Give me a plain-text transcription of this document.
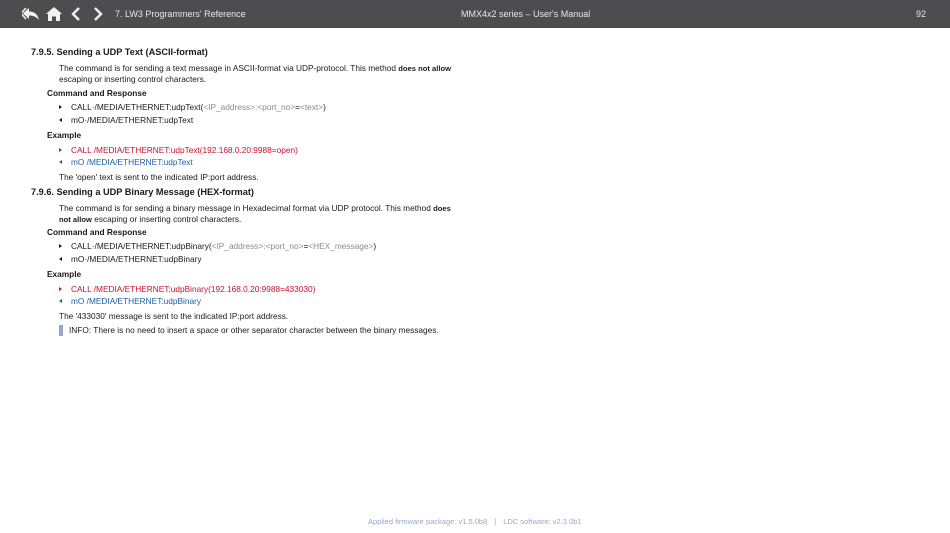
7. LW3 Programmers' Reference	MMX4x2 series – User's Manual	92
7.9.5. Sending a UDP Text (ASCII-format)
The command is for sending a text message in ASCII-format via UDP-protocol. This method does not allow escaping or inserting control characters.
Command and Response
CALL·/MEDIA/ETHERNET:udpText( <IP_address>:<port_no> = <text> )
mO·/MEDIA/ETHERNET:udpText
Example
CALL /MEDIA/ETHERNET:udpText(192.168.0.20:9988=open)
mO /MEDIA/ETHERNET:udpText
The 'open' text is sent to the indicated IP:port address.
7.9.6. Sending a UDP Binary Message (HEX-format)
The command is for sending a binary message in Hexadecimal format via UDP protocol. This method does not allow escaping or inserting control characters.
Command and Response
CALL·/MEDIA/ETHERNET:udpBinary( <IP_address>:<port_no> = <HEX_message> )
mO·/MEDIA/ETHERNET:udpBinary
Example
CALL /MEDIA/ETHERNET:udpBinary(192.168.0.20:9988=433030)
mO /MEDIA/ETHERNET:udpBinary
The '433030' message is sent to the indicated IP:port address.
INFO: There is no need to insert a space or other separator character between the binary messages.
Applied firmware package: v1.5.0b8 | LDC software: v2.3.0b1
